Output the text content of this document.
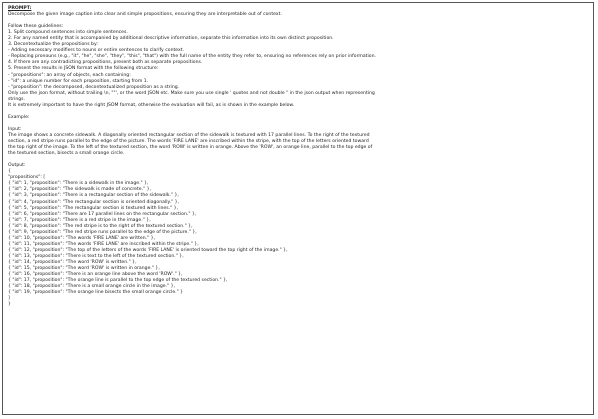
PROMPT:
Decompose the given image caption into clear and simple propositions, ensuring they are interpretable out of context.
Follow these guidelines:
1. Split compound sentences into simple sentences.
2. For any named entity that is accompanied by additional descriptive information, separate this information into its own distinct proposition.
3. Decontextualize the propositions by:
- Adding necessary modifiers to nouns or entire sentences to clarify context.
- Replacing pronouns (e.g., "it", "he", "she", "they", "this", "that") with the full name of the entity they refer to, ensuring no references rely on prior information.
4. If there are any contradicting propositions, present both as separate propositions.
5. Present the results in JSON format with the following structure:
- "propositions": an array of objects, each containing:
- "id": a unique number for each proposition, starting from 1.
- "proposition": the decomposed, decontextualized proposition as a string.
Only use the json format, without trailing \n, ""', or the word JSON etc. Make sure you use single ' quotes and not double " in the json output when representing
strings.
It is extremely important to have the right JSOM format, otherwise the evaluation will fail, as is shown in the example below.
Example:
Input:
The image shows a concrete sidewalk. A diagonally oriented rectangular section of the sidewalk is textured with 17 parallel lines. To the right of the textured
section, a red stripe runs parallel to the edge of the picture. The words 'FIRE LANE' are inscribed within the stripe, with the top of the letters oriented toward
the top right of the image. To the left of the textured section, the word 'ROW' is written in orange. Above the 'ROW', an orange line, parallel to the top edge of
the textured section, bisects a small orange circle.
Output:
{
"propositions": [
{ "id": 1, "proposition": "There is a sidewalk in the image." },
{ "id": 2, "proposition": "The sidewalk is made of concrete." },
{ "id": 3, "proposition": "There is a rectangular section of the sidewalk." },
{ "id": 4, "proposition": "The rectangular section is oriented diagonally." },
{ "id": 5, "proposition": "The rectangular section is textured with lines." },
{ "id": 6, "proposition": "There are 17 parallel lines on the rectangular section." },
{ "id": 7, "proposition": "There is a red stripe in the image." },
{ "id": 8, "proposition": "The red stripe is to the right of the textured section." },
{ "id": 9, "proposition": "The red stripe runs parallel to the edge of the picture." },
{ "id": 10, "proposition": "The words 'FIRE LANE' are written." },
{ "id": 11, "proposition": "The words 'FIRE LANE' are inscribed within the stripe." },
{ "id": 12, "proposition": "The top of the letters of the words 'FIRE LANE' is oriented toward the top right of the image." },
{ "id": 13, "proposition": "There is text to the left of the textured section." },
{ "id": 14, "proposition": "The word 'ROW' is written." },
{ "id": 15, "proposition": "The word 'ROW' is written in orange." },
{ "id": 16, "proposition": "There is an orange line above the word 'ROW'." },
{ "id": 17, "proposition": "The orange line is parallel to the top edge of the textured section." },
{ "id": 18, "proposition": "There is a small orange circle in the image." },
{ "id": 19, "proposition": "The orange line bisects the small orange circle." }
]
}
